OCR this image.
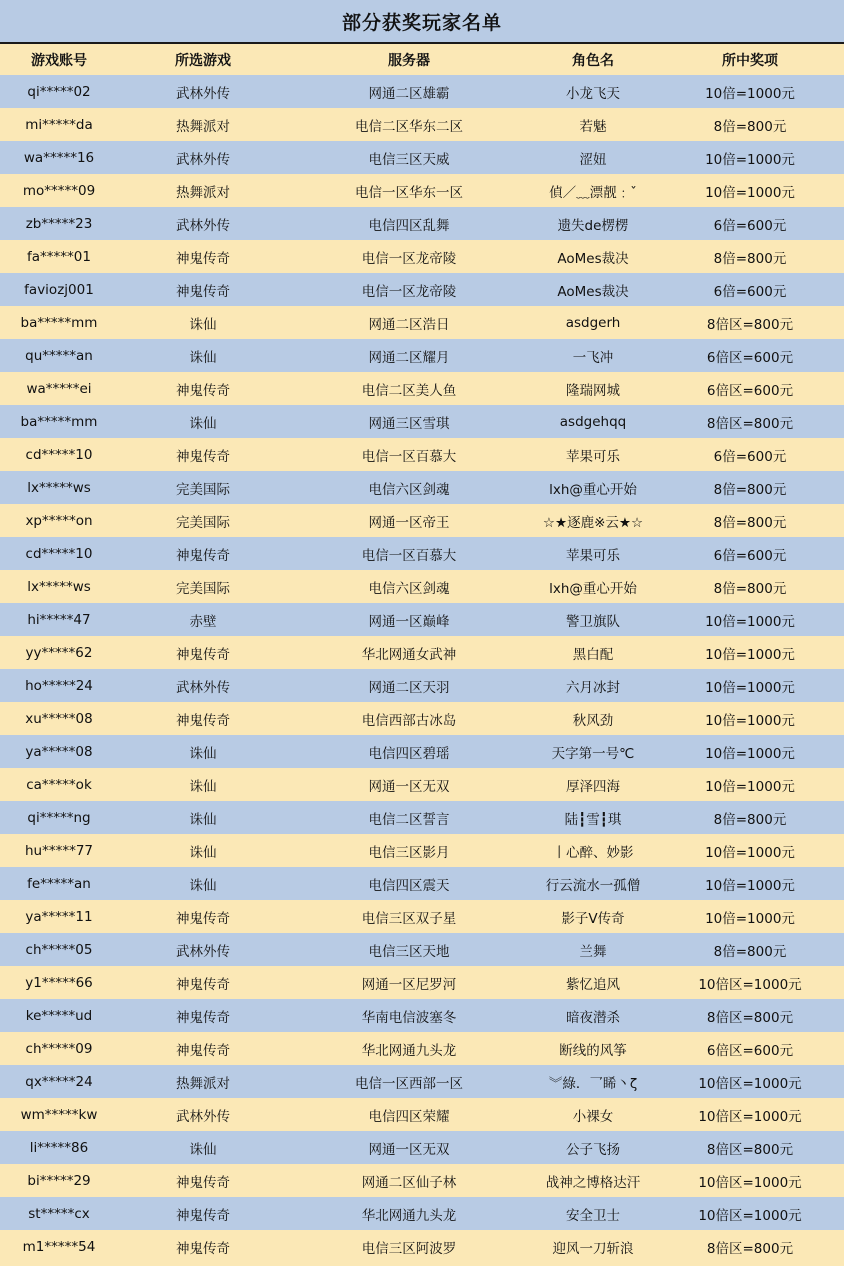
部分获奖玩家名单
游戏账号	所选游戏	服务器	角色名	所中奖项
qi*****02	武林外传	网通二区雄霸	小龙飞天	10倍=1000元
mi*****da	热舞派对	电信二区华东二区	若魅	8倍=800元
wa*****16	武林外传	电信三区天威	涩妞	10倍=1000元
mo*****09	热舞派对	电信一区华东一区	偵／﹏漂靓﹕ˇ	10倍=1000元
zb*****23	武林外传	电信四区乱舞	遗失de楞楞	6倍=600元
fa*****01	神鬼传奇	电信一区龙帝陵	AoMes裁决	8倍=800元
faviozj001	神鬼传奇	电信一区龙帝陵	AoMes裁决	6倍=600元
ba*****mm	诛仙	网通二区浩日	asdgerh	8倍区=800元
qu*****an	诛仙	网通二区耀月	一飞冲	6倍区=600元
wa*****ei	神鬼传奇	电信二区美人鱼	隆瑞网城	6倍区=600元
ba*****mm	诛仙	网通三区雪琪	asdgehqq	8倍区=800元
cd*****10	神鬼传奇	电信一区百慕大	苹果可乐	6倍=600元
lx*****ws	完美国际	电信六区剑魂	lxh@重心开始	8倍=800元
xp*****on	完美国际	网通一区帝王	☆★逐鹿※云★☆	8倍=800元
cd*****10	神鬼传奇	电信一区百慕大	苹果可乐	6倍=600元
lx*****ws	完美国际	电信六区剑魂	lxh@重心开始	8倍=800元
hi*****47	赤壁	网通一区巅峰	警卫旗队	10倍=1000元
yy*****62	神鬼传奇	华北网通女武神	黑白配	10倍=1000元
ho*****24	武林外传	网通二区天羽	六月冰封	10倍=1000元
xu*****08	神鬼传奇	电信西部古冰岛	秋风劲	10倍=1000元
ya*****08	诛仙	电信四区碧瑶	天字第一号℃	10倍=1000元
ca*****ok	诛仙	网通一区无双	厚泽四海	10倍=1000元
qi*****ng	诛仙	电信二区誓言	陆┇雪┇琪	8倍=800元
hu*****77	诛仙	电信三区影月	丨心醉、妙影	10倍=1000元
fe*****an	诛仙	电信四区震天	行云流水一孤僧	10倍=1000元
ya*****11	神鬼传奇	电信三区双子星	影子V传奇	10倍=1000元
ch*****05	武林外传	电信三区天地	兰舞	8倍=800元
y1*****66	神鬼传奇	网通一区尼罗河	紫忆追风	10倍区=1000元
ke*****ud	神鬼传奇	华南电信波塞冬	暗夜潜杀	8倍区=800元
ch*****09	神鬼传奇	华北网通九头龙	断线的风筝	6倍区=600元
qx*****24	热舞派对	电信一区西部一区	︾綠．乛睎丶ζ	10倍区=1000元
wm*****kw	武林外传	电信四区荣耀	小裸女	10倍区=1000元
li*****86	诛仙	网通一区无双	公子飞扬	8倍区=800元
bi*****29	神鬼传奇	网通二区仙子林	战神之博格达汗	10倍区=1000元
st*****cx	神鬼传奇	华北网通九头龙	安全卫士	10倍区=1000元
m1*****54	神鬼传奇	电信三区阿波罗	迎风一刀斩浪	8倍区=800元
